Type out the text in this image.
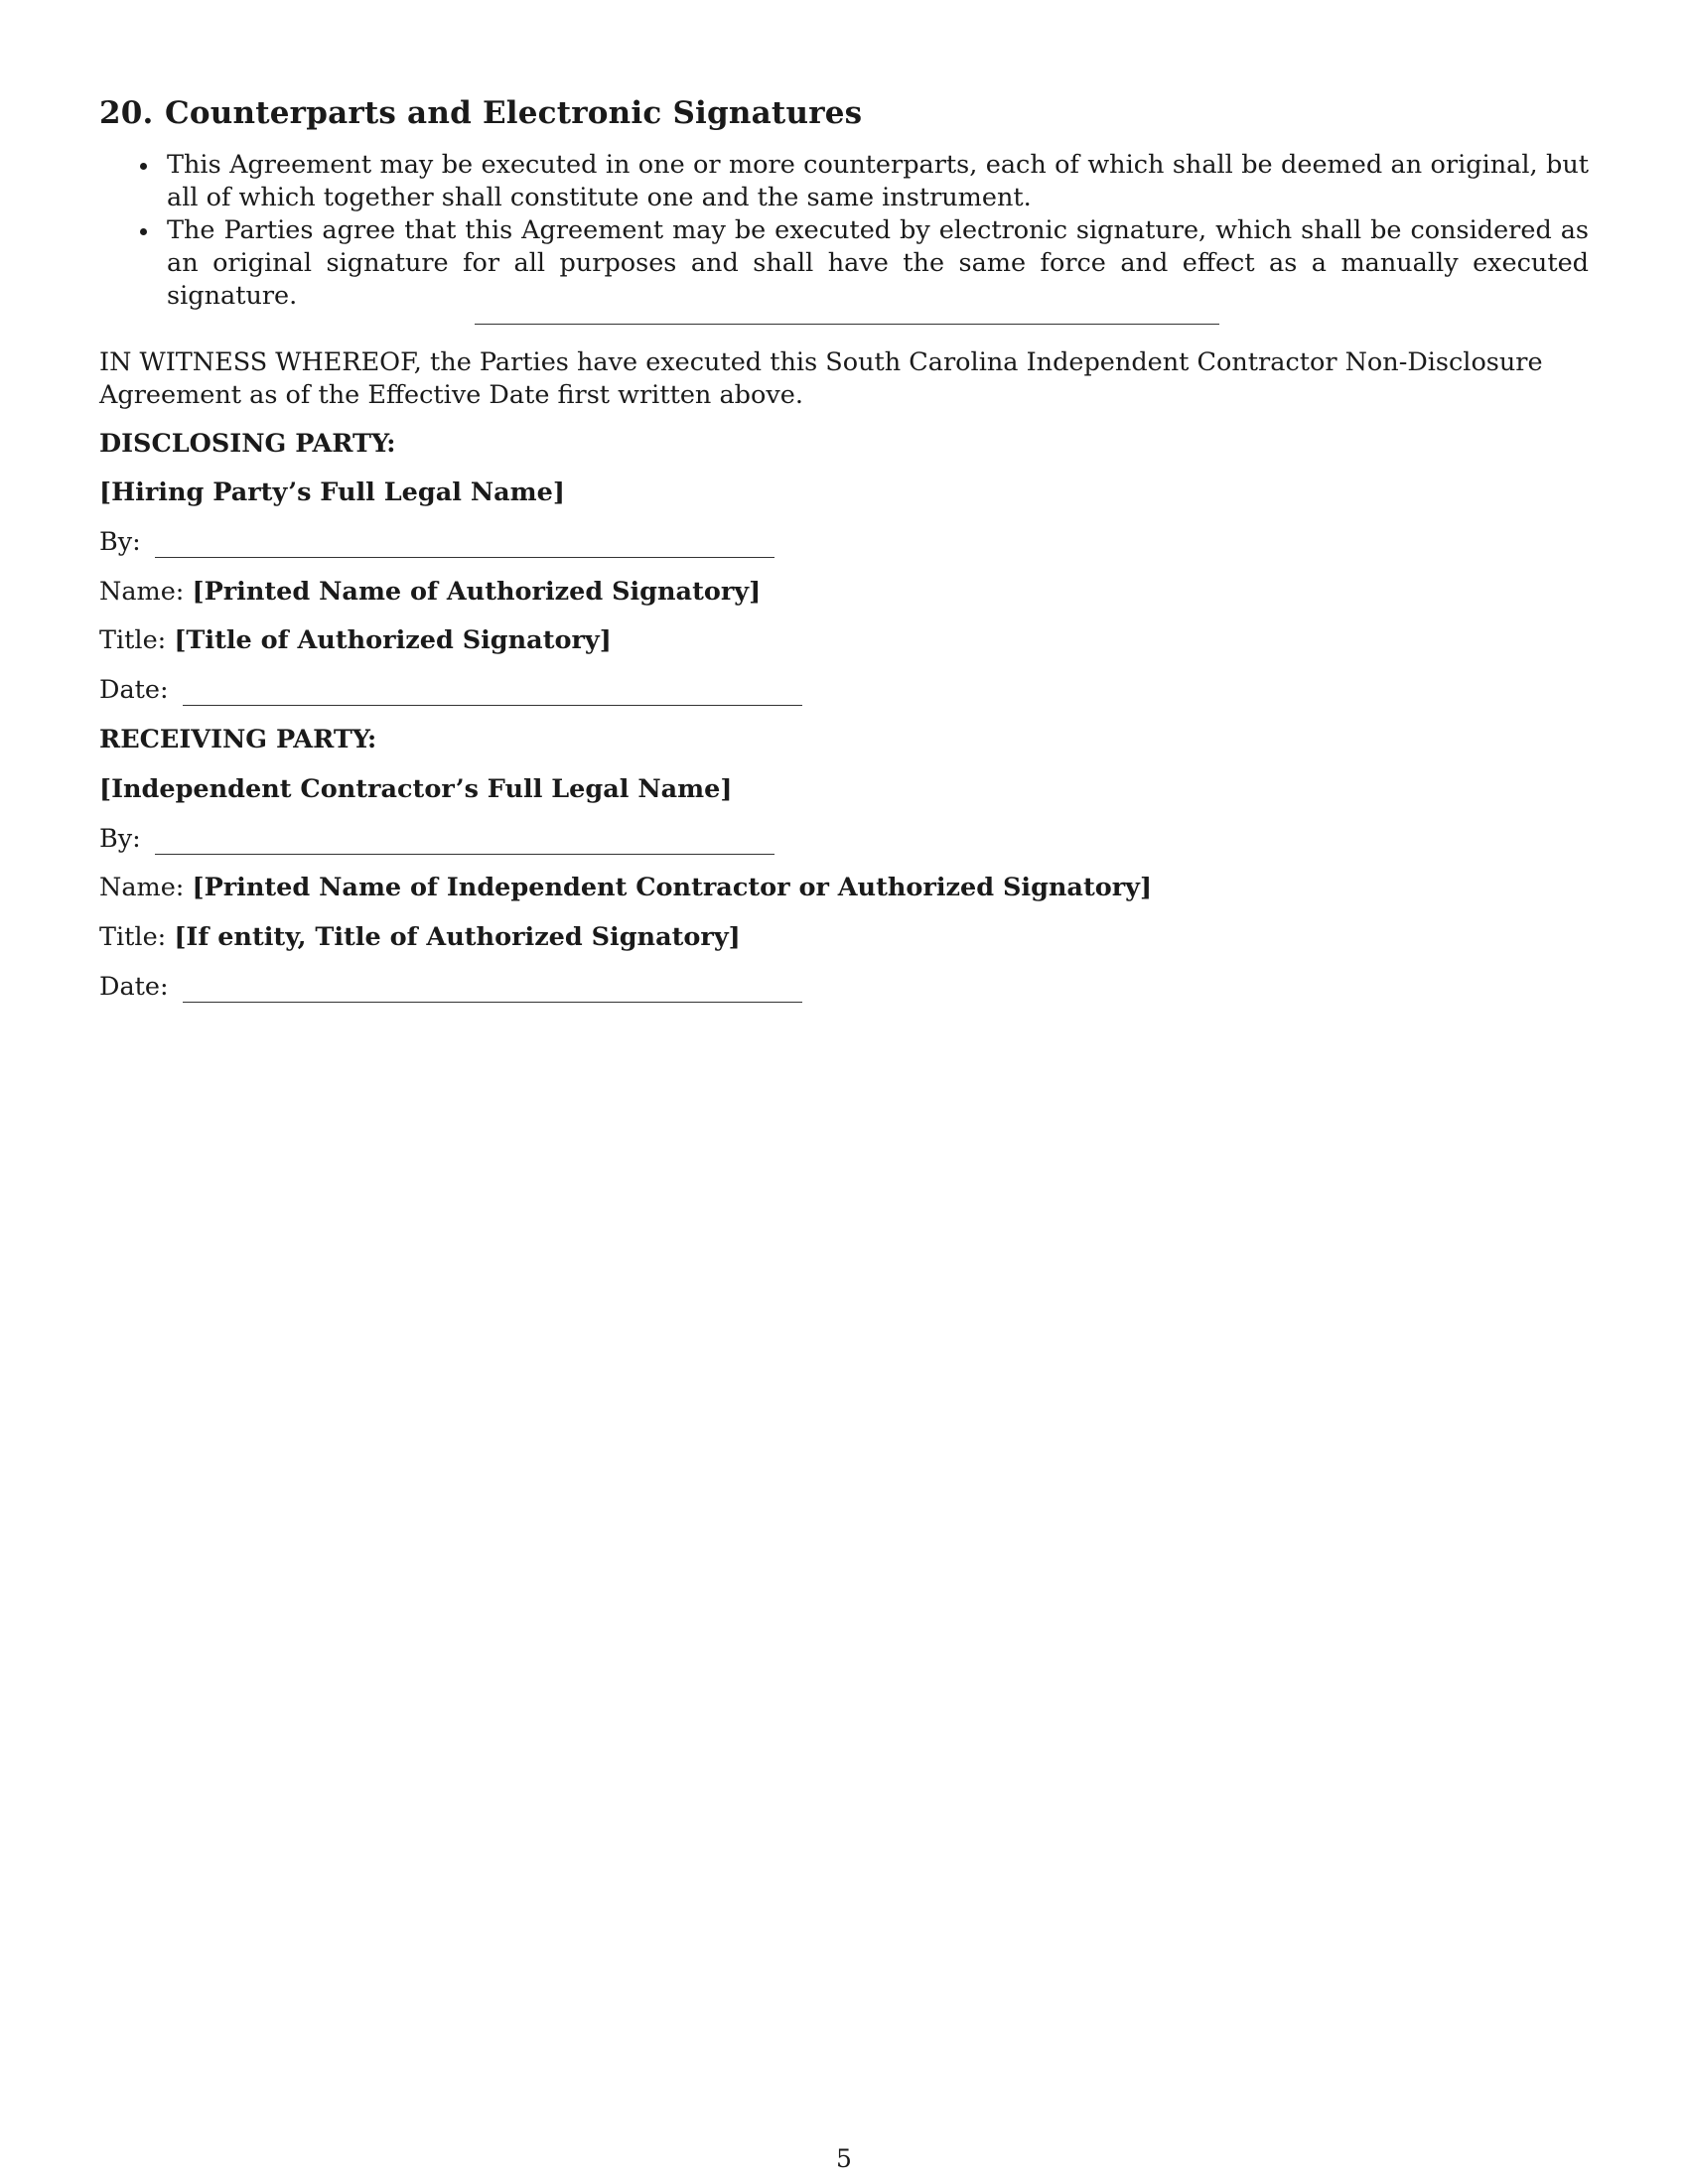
20. Counterparts and Electronic Signatures
This Agreement may be executed in one or more counterparts, each of which shall be deemed an original, but all of which together shall constitute one and the same instrument.
The Parties agree that this Agreement may be executed by electronic signature, which shall be considered as an original signature for all purposes and shall have the same force and effect as a manually executed signature.

IN WITNESS WHEREOF, the Parties have executed this South Carolina Independent Contractor Non-Disclosure Agreement as of the Effective Date first written above.

DISCLOSING PARTY:

[Hiring Party’s Full Legal Name]

By:

Name: [Printed Name of Authorized Signatory]

Title: [Title of Authorized Signatory]

Date:

RECEIVING PARTY:

[Independent Contractor’s Full Legal Name]

By:

Name: [Printed Name of Independent Contractor or Authorized Signatory]

Title: [If entity, Title of Authorized Signatory]

Date:

5
